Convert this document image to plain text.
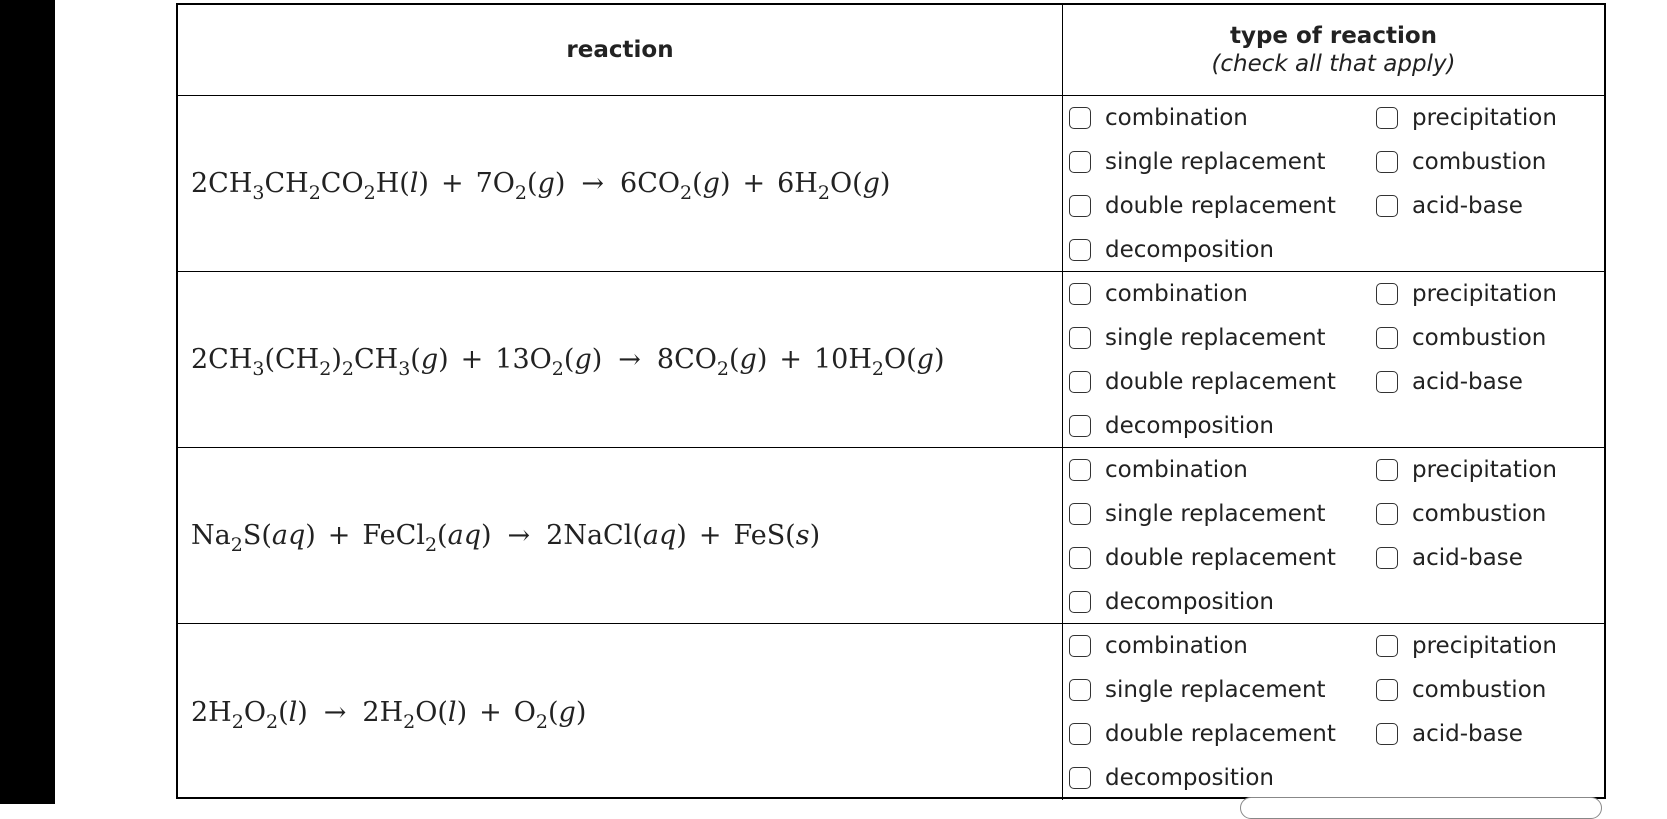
reaction
type of reaction
(check all that apply)
$2CH_3CH_2CO_2H(l) + 7O_2(g) \to 6CO_2(g) + 6H_2O(g)$
combination	precipitation
single replacement	combustion
double replacement	acid-base
decomposition
$2CH_3(CH_2)_2CH_3(g) + 13O_2(g) \to 8CO_2(g) + 10H_2O(g)$
combination	precipitation
single replacement	combustion
double replacement	acid-base
decomposition
$Na_2S(aq)$ + FeCl$_2$(aq) → 2NaCl(aq) + FeS(s)
combination	precipitation
single replacement	combustion
double replacement	acid-base
decomposition
$2H_2O_2(l) \to 2H_2O(l) + O_2(g)$
combination	precipitation
single replacement	combustion
double replacement	acid-base
decomposition
